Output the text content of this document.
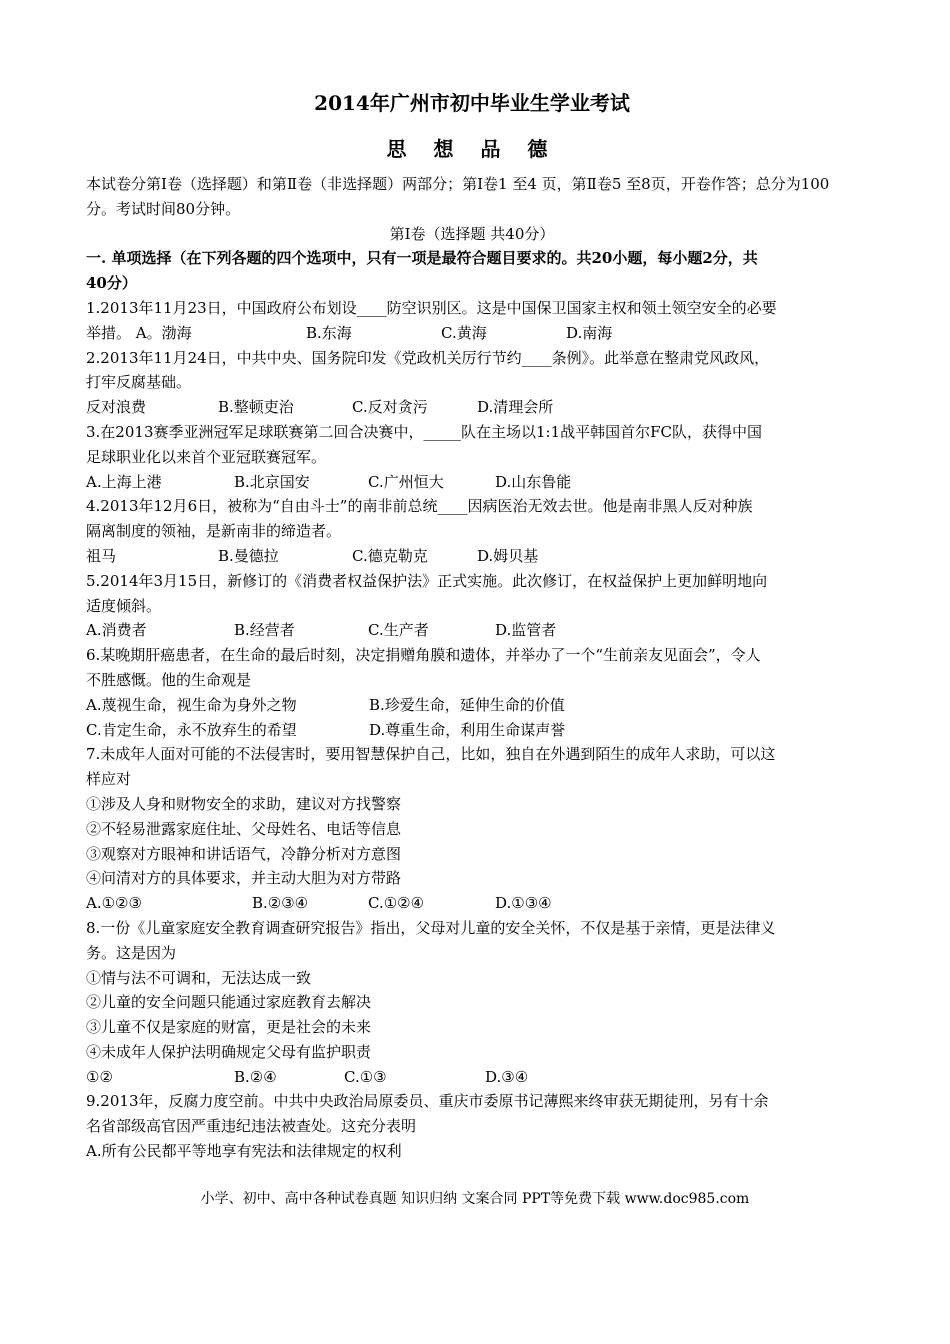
2014年广州市初中毕业生学业考试
思 想 品 德
本试卷分第Ⅰ卷（选择题）和第Ⅱ卷（非选择题）两部分；第Ⅰ卷1 至4 页，第Ⅱ卷5 至8页，开卷作答；总分为100分。考试时间80分钟。
第Ⅰ卷（选择题 共40分）
一. 单项选择（在下列各题的四个选项中，只有一项是最符合题目要求的。共20小题，每小题2分，共
40分）
1.2013年11月23日，中国政府公布划设____防空识别区。这是中国保卫国家主权和领土领空安全的必要
举措。 A。渤海	B.东海	C.黄海	D.南海
2.2013年11月24日，中共中央、国务院印发《党政机关厉行节约____条例》。此举意在整肃党风政风，
打牢反腐基础。
反对浪费	B.整顿吏治	C.反对贪污	D.清理会所
3.在2013赛季亚洲冠军足球联赛第二回合决赛中，_____队在主场以1:1战平韩国首尔FC队，获得中国
足球职业化以来首个亚冠联赛冠军。
A.上海上港	B.北京国安	C.广州恒大	D.山东鲁能
4.2013年12月6日，被称为“自由斗士”的南非前总统____因病医治无效去世。他是南非黑人反对种族
隔离制度的领袖，是新南非的缔造者。
祖马	B.曼德拉	C.德克勒克	D.姆贝基
5.2014年3月15日，新修订的《消费者权益保护法》正式实施。此次修订，在权益保护上更加鲜明地向
适度倾斜。
A.消费者	B.经营者	C.生产者	D.监管者
6.某晚期肝癌患者，在生命的最后时刻，决定捐赠角膜和遗体，并举办了一个“生前亲友见面会”，令人
不胜感慨。他的生命观是
A.蔑视生命，视生命为身外之物	B.珍爱生命，延伸生命的价值
C.肯定生命，永不放弃生的希望	D.尊重生命，利用生命谋声誉
7.未成年人面对可能的不法侵害时，要用智慧保护自己，比如，独自在外遇到陌生的成年人求助，可以这
样应对
①涉及人身和财物安全的求助，建议对方找警察
②不轻易泄露家庭住址、父母姓名、电话等信息
③观察对方眼神和讲话语气，冷静分析对方意图
④问清对方的具体要求，并主动大胆为对方带路
A.①②③	B.②③④	C.①②④	D.①③④
8.一份《儿童家庭安全教育调查研究报告》指出，父母对儿童的安全关怀，不仅是基于亲情，更是法律义
务。这是因为
①情与法不可调和，无法达成一致
②儿童的安全问题只能通过家庭教育去解决
③儿童不仅是家庭的财富，更是社会的未来
④未成年人保护法明确规定父母有监护职责
①②	B.②④	C.①③	D.③④
9.2013年，反腐力度空前。中共中央政治局原委员、重庆市委原书记薄熙来终审获无期徒刑，另有十余
名省部级高官因严重违纪违法被查处。这充分表明
A.所有公民都平等地享有宪法和法律规定的权利
小学、初中、高中各种试卷真题 知识归纳 文案合同 PPT等免费下载 www.doc985.com
